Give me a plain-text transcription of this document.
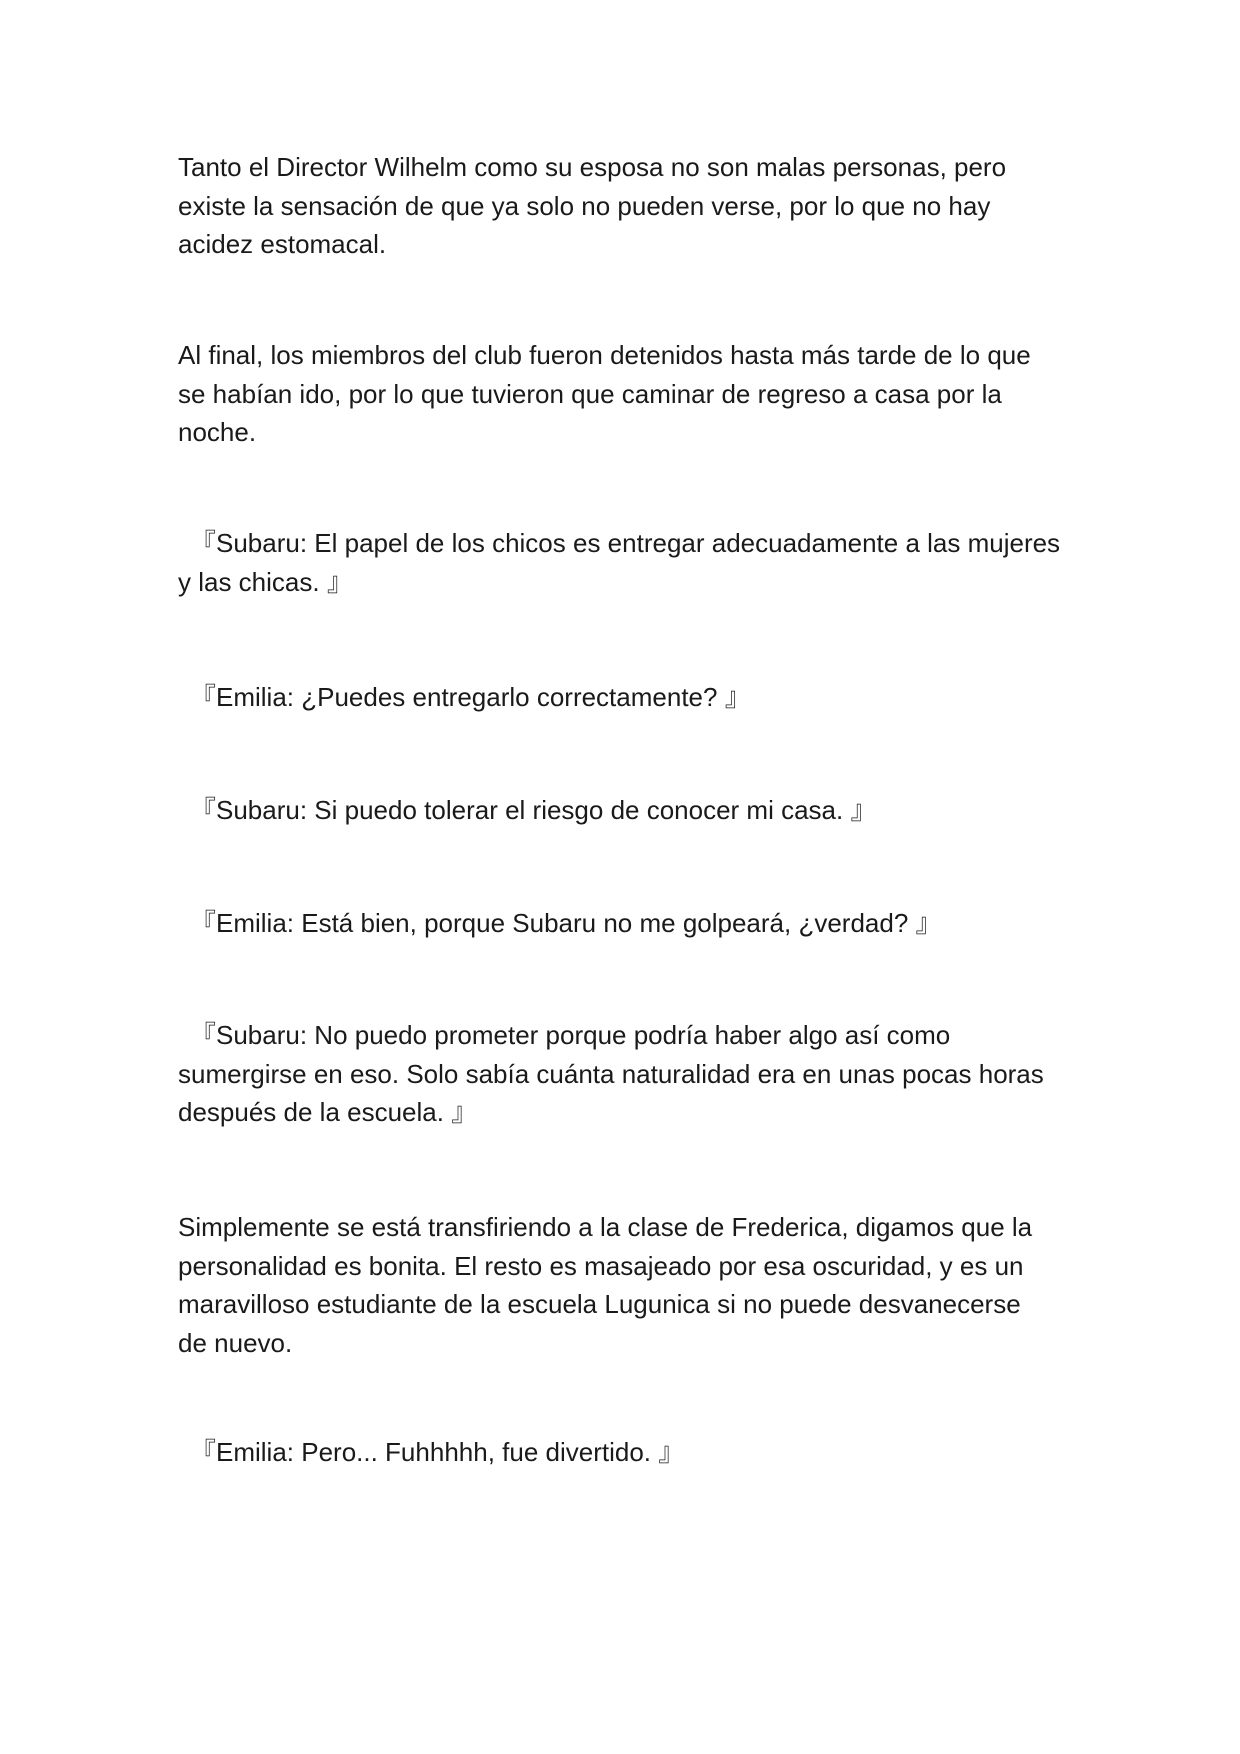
Tanto el Director Wilhelm como su esposa no son malas personas, pero
existe la sensación de que ya solo no pueden verse, por lo que no hay
acidez estomacal.

Al final, los miembros del club fueron detenidos hasta más tarde de lo que
se habían ido, por lo que tuvieron que caminar de regreso a casa por la
noche.

『Subaru: El papel de los chicos es entregar adecuadamente a las mujeres
y las chicas. 』

『Emilia: ¿Puedes entregarlo correctamente? 』

『Subaru: Si puedo tolerar el riesgo de conocer mi casa. 』

『Emilia: Está bien, porque Subaru no me golpeará, ¿verdad? 』

『Subaru: No puedo prometer porque podría haber algo así como
sumergirse en eso. Solo sabía cuánta naturalidad era en unas pocas horas
después de la escuela. 』

Simplemente se está transfiriendo a la clase de Frederica, digamos que la
personalidad es bonita. El resto es masajeado por esa oscuridad, y es un
maravilloso estudiante de la escuela Lugunica si no puede desvanecerse
de nuevo.

『Emilia: Pero... Fuhhhhh, fue divertido. 』
